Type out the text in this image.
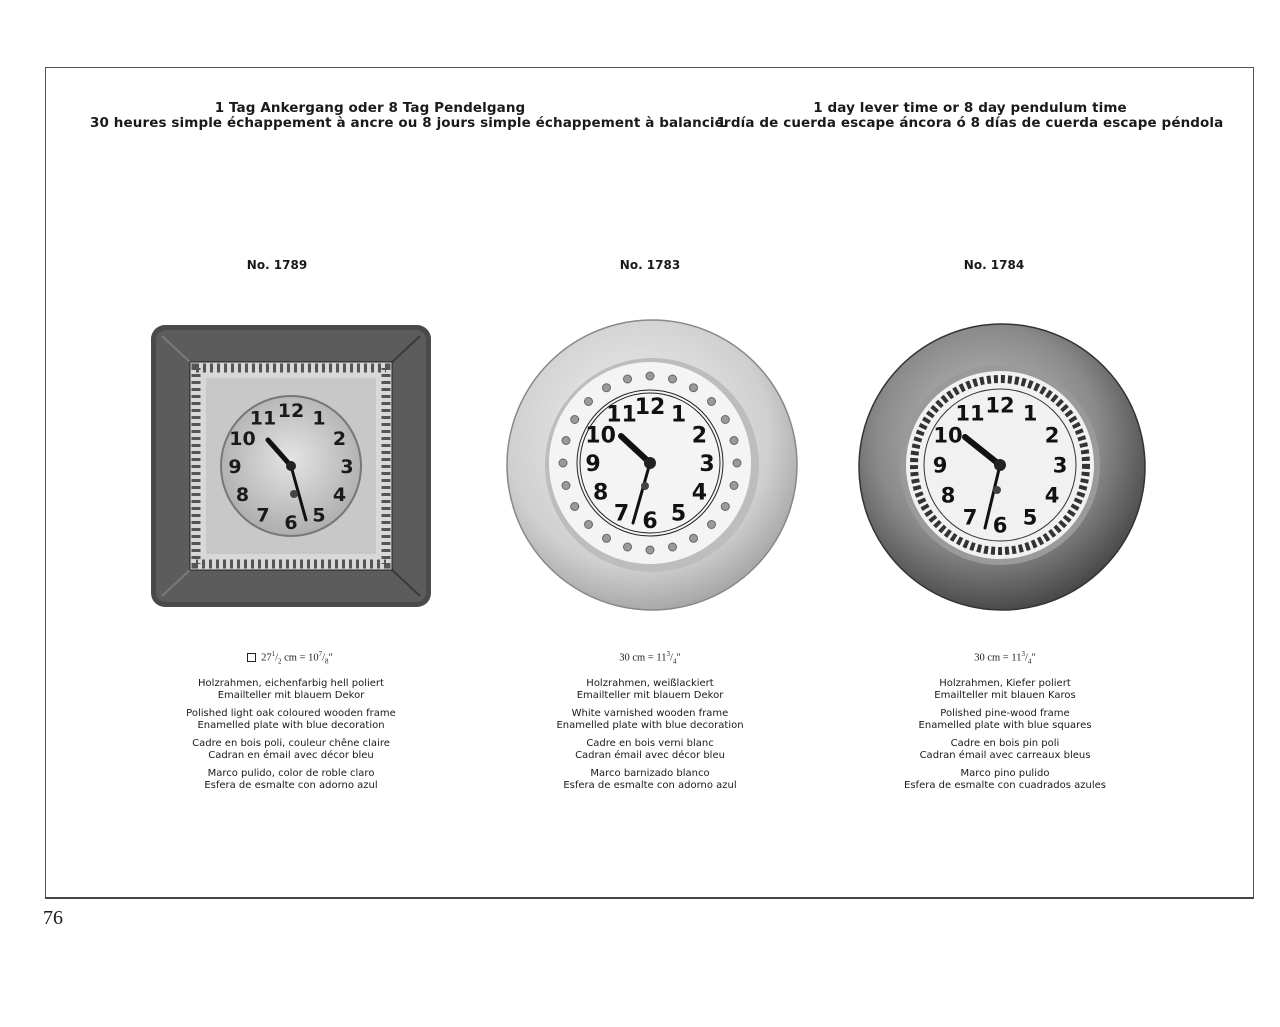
1 Tag Ankergang oder 8 Tag Pendelgang
30 heures simple échappement à ancre ou 8 jours simple échappement à balancier
1 day lever time or 8 day pendulum time
1 día de cuerda escape áncora ó 8 días de cuerda escape péndola
No. 1789	No. 1783	No. 1784
12 1
2
3
4
5
6
7
8
9
10
11	12 1
2
3
4
5
6
7
8
9
10
11	12 1
2
3
4
5
6
7
8
9
10
11
$27^1/_2$ cm = $10^7/_8''$	30 cm = $11^3/_4''$	30 cm = $11^3/_4''$
Holzrahmen, eichenfarbig hell poliert
Emailteller mit blauem Dekor
Polished light oak coloured wooden frame
Enamelled plate with blue decoration
Cadre en bois poli, couleur chêne claire
Cadran en émail avec décor bleu
Marco pulido, color de roble claro
Esfera de esmalte con adorno azul
Holzrahmen, weißlackiert
Emailteller mit blauem Dekor
White varnished wooden frame
Enamelled plate with blue decoration
Cadre en bois verni blanc
Cadran émail avec décor bleu
Marco barnizado blanco
Esfera de esmalte con adorno azul
Holzrahmen, Kiefer poliert
Emailteller mit blauen Karos
Polished pine-wood frame
Enamelled plate with blue squares
Cadre en bois pin poli
Cadran émail avec carreaux bleus
Marco pino pulido
Esfera de esmalte con cuadrados azules
76
